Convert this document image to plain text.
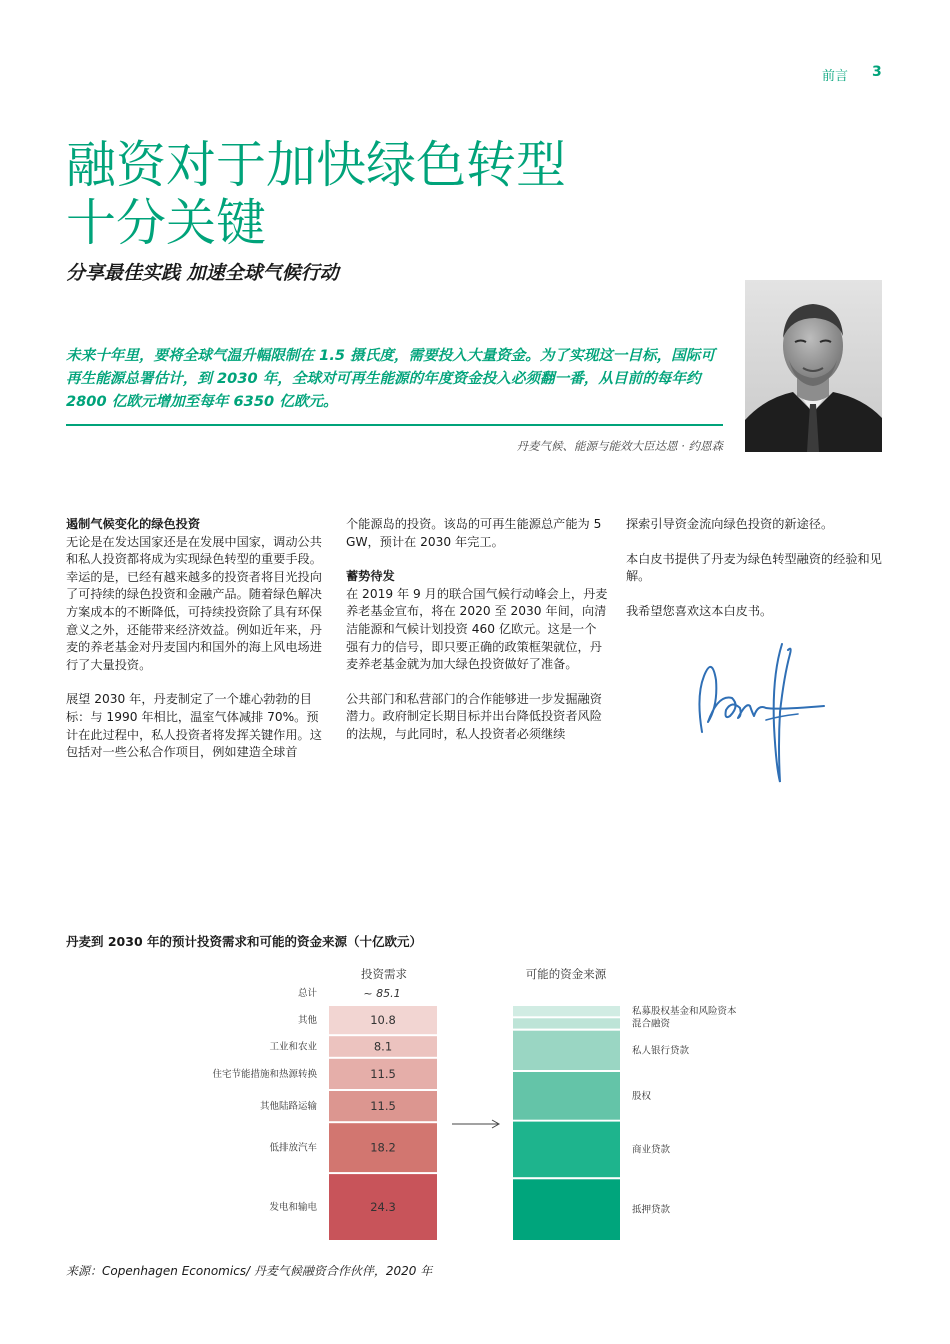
前言 3
融资对于加快绿色转型
十分关键
分享最佳实践 加速全球气候行动
未来十年里，要将全球气温升幅限制在 1.5 摄氏度，需要投入大量资金。为了实现这一目标，国际可再生能源总署估计，到 2030 年，全球对可再生能源的年度资金投入必须翻一番，从目前的每年约 2800 亿欧元增加至每年 6350 亿欧元。
丹麦气候、能源与能效大臣达恩 · 约恩森
遏制气候变化的绿色投资

无论是在发达国家还是在发展中国家，调动公共和私人投资都将成为实现绿色转型的重要手段。幸运的是，已经有越来越多的投资者将目光投向了可持续的绿色投资和金融产品。随着绿色解决方案成本的不断降低，可持续投资除了具有环保意义之外，还能带来经济效益。例如近年来，丹麦的养老基金对丹麦国内和国外的海上风电场进行了大量投资。

展望 2030 年，丹麦制定了一个雄心勃勃的目标：与 1990 年相比，温室气体减排 70%。预计在此过程中，私人投资者将发挥关键作用。这包括对一些公私合作项目，例如建造全球首

个能源岛的投资。该岛的可再生能源总产能为 5 GW，预计在 2030 年完工。

蓄势待发

在 2019 年 9 月的联合国气候行动峰会上，丹麦养老基金宣布，将在 2020 至 2030 年间，向清洁能源和气候计划投资 460 亿欧元。这是一个强有力的信号，即只要正确的政策框架就位，丹麦养老基金就为加大绿色投资做好了准备。

公共部门和私营部门的合作能够进一步发掘融资潜力。政府制定长期目标并出台降低投资者风险的法规，与此同时，私人投资者必须继续

探索引导资金流向绿色投资的新途径。

本白皮书提供了丹麦为绿色转型融资的经验和见解。

我希望您喜欢这本白皮书。

丹麦到 2030 年的预计投资需求和可能的资金来源（十亿欧元）
投资需求	可能的资金来源
总计	~ 85.1
10.8
其他
8.1
工业和农业
11.5
住宅节能措施和热源转换
11.5
其他陆路运输
18.2
低排放汽车
24.3
发电和输电
私募股权基金和风险资本
混合融资
私人银行贷款
股权
商业贷款
抵押贷款
来源：Copenhagen Economics/ 丹麦气候融资合作伙伴，2020 年
